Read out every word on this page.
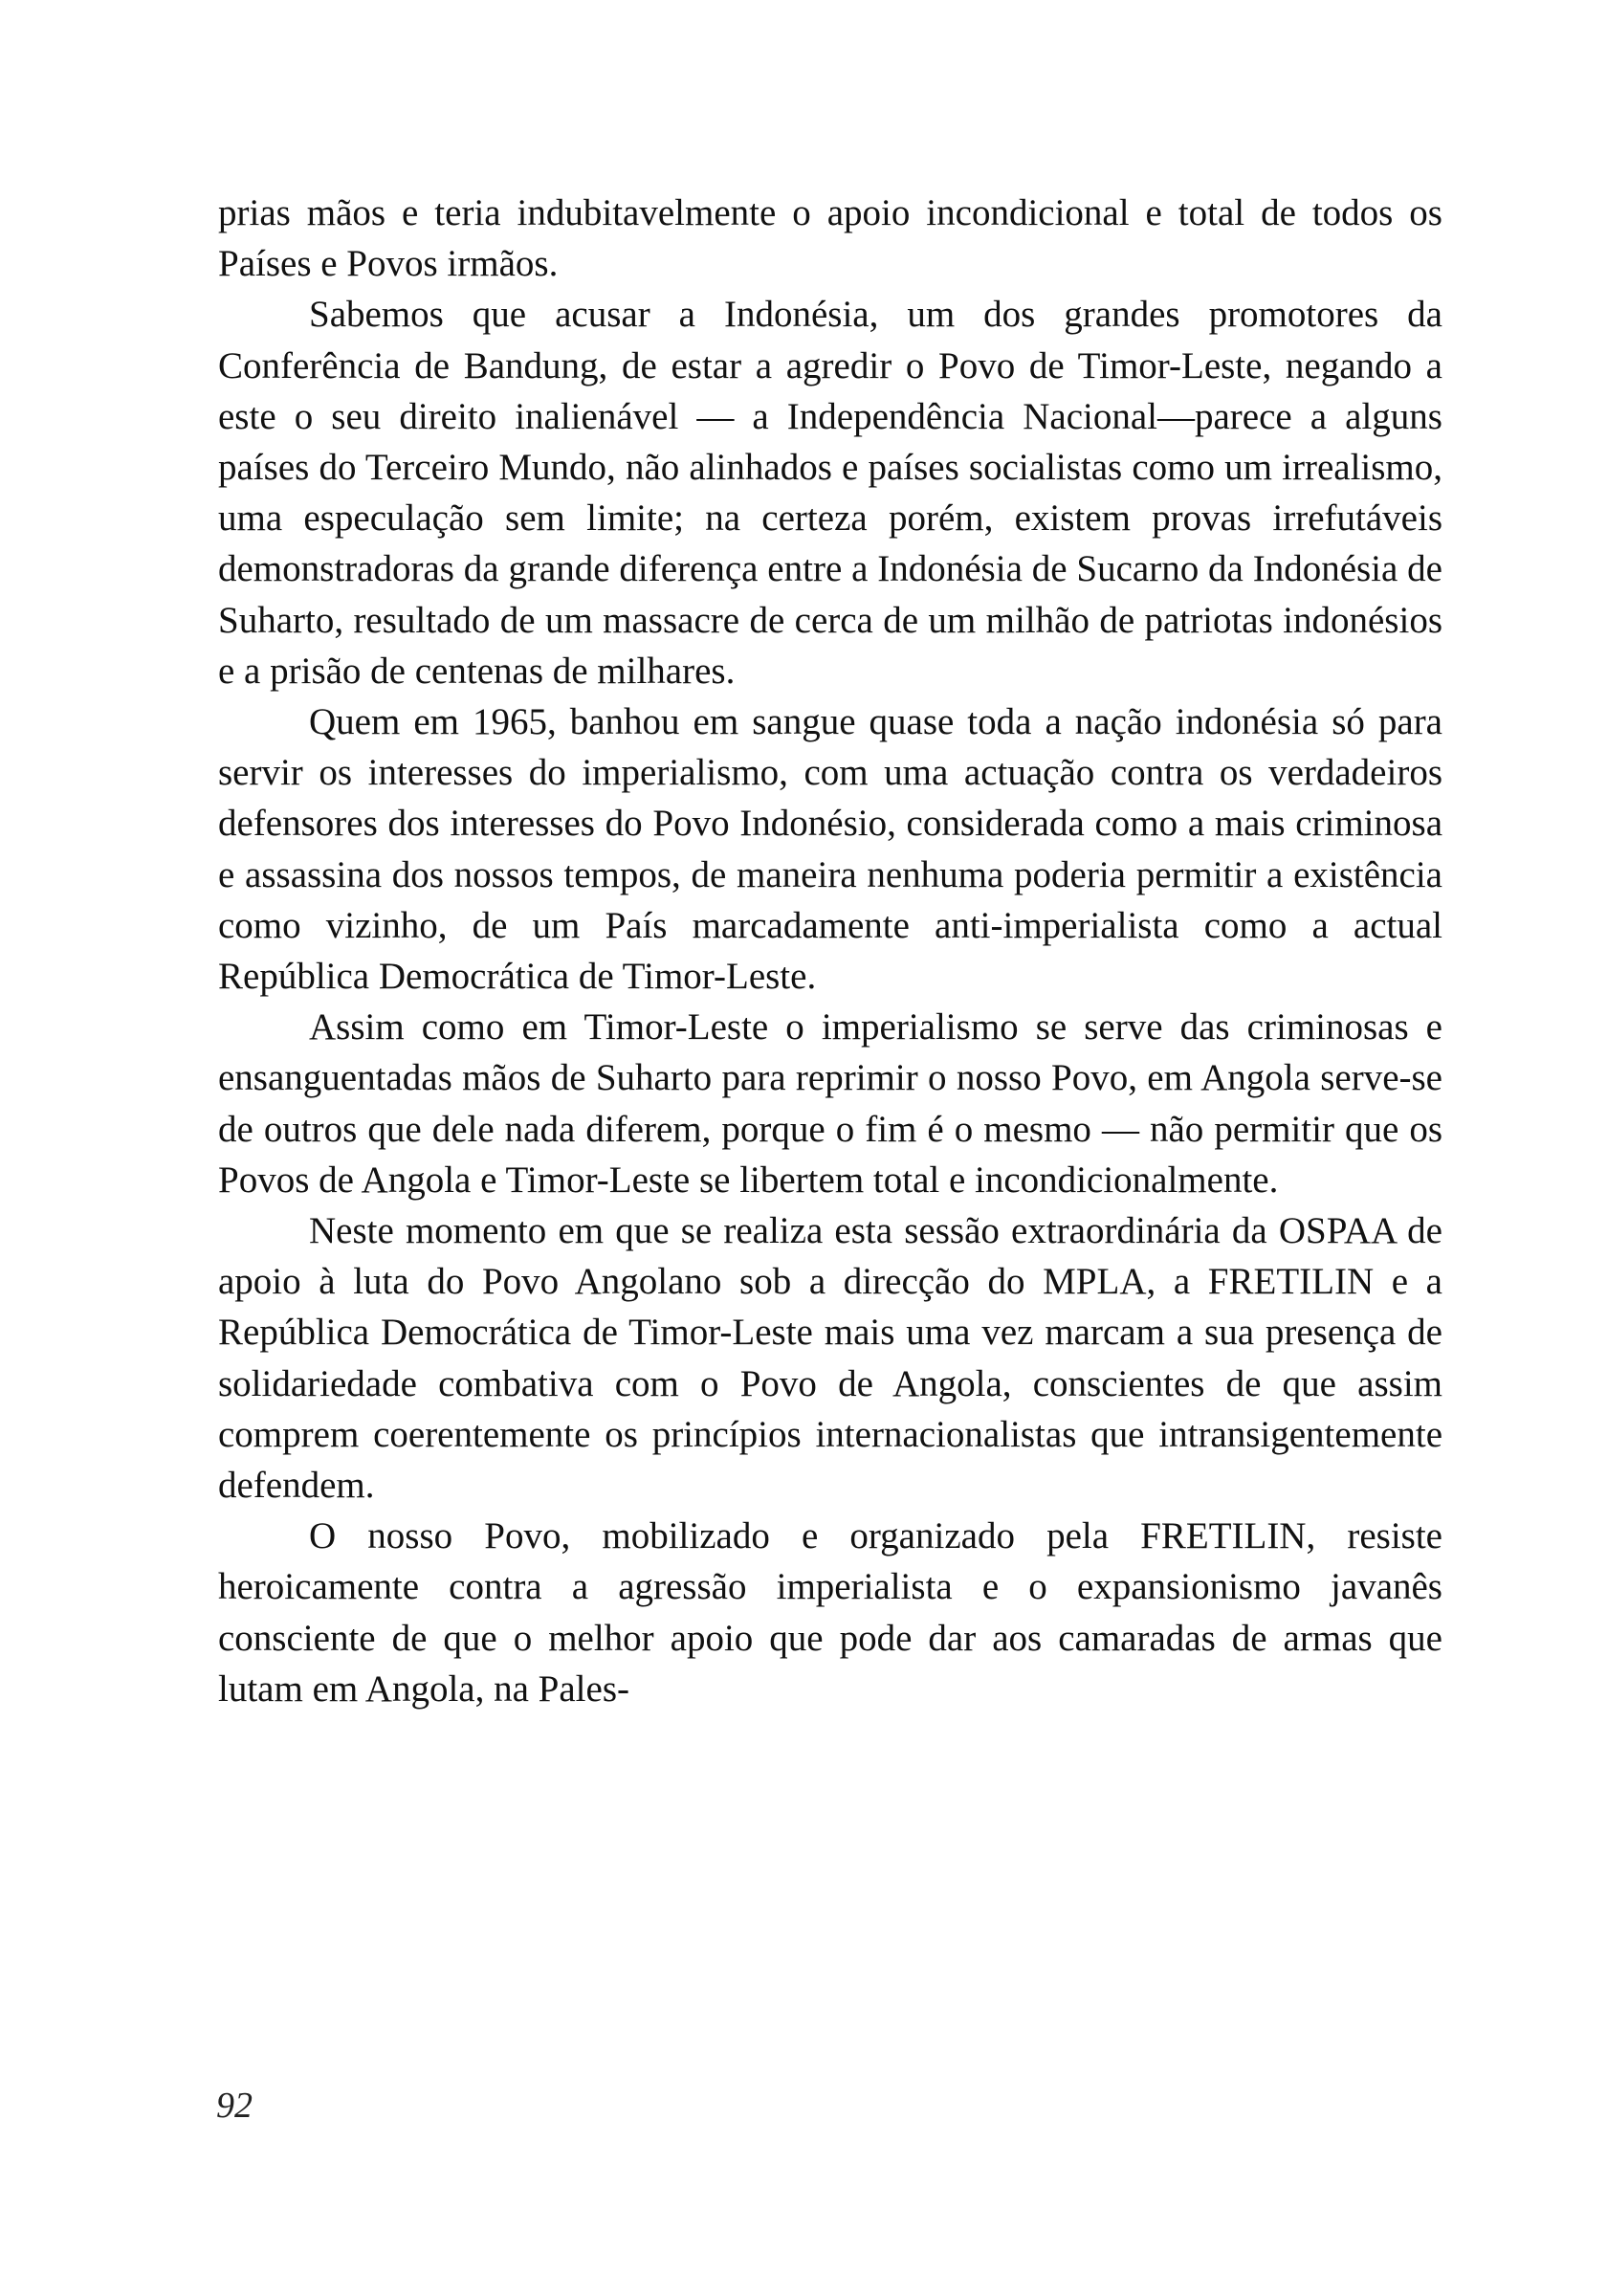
prias mãos e teria indubitavelmente o apoio incondicional e total de todos os Países e Povos irmãos.

Sabemos que acusar a Indonésia, um dos grandes promotores da Conferência de Bandung, de estar a agredir o Povo de Timor-Leste, negando a este o seu direito inalienável — a Independência Nacional—parece a alguns países do Terceiro Mundo, não alinhados e países socialistas como um irrealismo, uma especulação sem limite; na certeza porém, existem provas irrefutáveis demonstradoras da grande diferença entre a Indonésia de Sucarno da Indonésia de Suharto, resultado de um massacre de cerca de um milhão de patriotas indonésios e a prisão de centenas de milhares.

Quem em 1965, banhou em sangue quase toda a nação indonésia só para servir os interesses do imperialismo, com uma actuação contra os verdadeiros defensores dos interesses do Povo Indonésio, considerada como a mais criminosa e assassina dos nossos tempos, de maneira nenhuma poderia permitir a existência como vizinho, de um País marcadamente anti-imperialista como a actual República Democrática de Timor-Leste.

Assim como em Timor-Leste o imperialismo se serve das criminosas e ensanguentadas mãos de Suharto para reprimir o nosso Povo, em Angola serve-se de outros que dele nada diferem, porque o fim é o mesmo — não permitir que os Povos de Angola e Timor-Leste se libertem total e incondicionalmente.

Neste momento em que se realiza esta sessão extraordinária da OSPAA de apoio à luta do Povo Angolano sob a direcção do MPLA, a FRETILIN e a República Democrática de Timor-Leste mais uma vez marcam a sua presença de solidariedade combativa com o Povo de Angola, conscientes de que assim comprem coerentemente os princípios internacionalistas que intransigentemente defendem.

O nosso Povo, mobilizado e organizado pela FRETILIN, resiste heroicamente contra a agressão imperialista e o expansionismo javanês consciente de que o melhor apoio que pode dar aos camaradas de armas que lutam em Angola, na Pales-

92
